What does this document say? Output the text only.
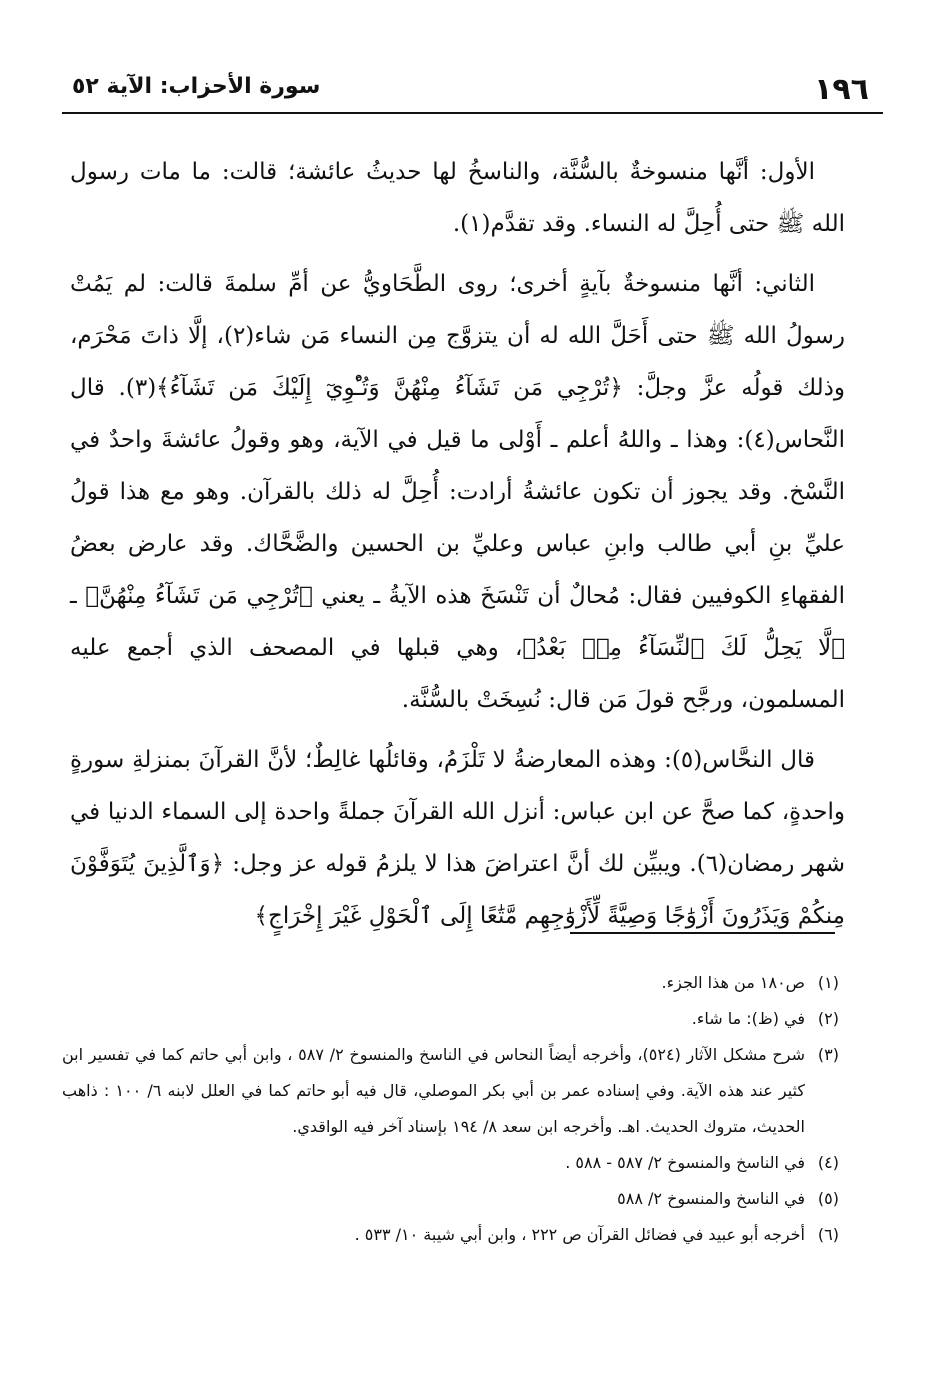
١٩٦
سورة الأحزاب: الآية ٥٢

الأول: أنَّها منسوخةٌ بالسُّنَّة، والناسخُ لها حديثُ عائشة؛ قالت: ما مات رسول الله ﷺ حتى أُحِلَّ له النساء. وقد تقدَّم(١).

الثاني: أنَّها منسوخةٌ بآيةٍ أخرى؛ روى الطَّحَاويُّ عن أمِّ سلمةَ قالت: لم يَمُتْ رسولُ الله ﷺ حتى أَحَلَّ الله له أن يتزوَّج مِن النساء مَن شاء(٢)، إلَّا ذاتَ مَحْرَم، وذلك قولُه عزَّ وجلَّ: ﴿تُرْجِي مَن تَشَآءُ مِنْهُنَّ وَتُـْٔوِيٓ إِلَيْكَ مَن تَشَآءُ﴾(٣). قال النَّحاس(٤): وهذا ـ واللهُ أعلم ـ أَوْلى ما قيل في الآية، وهو وقولُ عائشةَ واحدٌ في النَّسْخ. وقد يجوز أن تكون عائشةُ أرادت: أُحِلَّ له ذلك بالقرآن. وهو مع هذا قولُ عليِّ بنِ أبي طالب وابنِ عباس وعليِّ بن الحسين والضَّحَّاك. وقد عارض بعضُ الفقهاءِ الكوفيين فقال: مُحالٌ أن تَنْسَخَ هذه الآيةُ ـ يعني ﴿تُرْجِي مَن تَشَآءُ مِنْهُنَّ﴾ ـ ﴿لَّا يَحِلُّ لَكَ ٱلنِّسَآءُ مِنۢ بَعْدُ﴾، وهي قبلها في المصحف الذي أجمع عليه المسلمون، ورجَّح قولَ مَن قال: نُسِخَتْ بالسُّنَّة.

قال النحَّاس(٥): وهذه المعارضةُ لا تَلْزَمُ، وقائلُها غالِطٌ؛ لأنَّ القرآنَ بمنزلةِ سورةٍ واحدةٍ، كما صحَّ عن ابن عباس: أنزل الله القرآنَ جملةً واحدة إلى السماء الدنيا في شهر رمضان(٦). ويبيِّن لك أنَّ اعتراضَ هذا لا يلزمُ قوله عز وجل: ﴿وَٱلَّذِينَ يُتَوَفَّوْنَ مِنكُمْ وَيَذَرُونَ أَزْوَٰجًا وَصِيَّةً لِّأَزْوَٰجِهِم مَّتَٰعًا إِلَى ٱلْحَوْلِ غَيْرَ إِخْرَاجٍ﴾

(١)
ص١٨٠ من هذا الجزء.
(٢)
في (ظ): ما شاء.
(٣)
شرح مشكل الآثار (٥٢٤)، وأخرجه أيضاً النحاس في الناسخ والمنسوخ ٢/ ٥٨٧ ، وابن أبي حاتم كما في تفسير ابن كثير عند هذه الآية. وفي إسناده عمر بن أبي بكر الموصلي، قال فيه أبو حاتم كما في العلل لابنه ٦/ ١٠٠ : ذاهب الحديث، متروك الحديث. اهـ. وأخرجه ابن سعد ٨/ ١٩٤ بإسناد آخر فيه الواقدي.
(٤)
في الناسخ والمنسوخ ٢/ ٥٨٧ - ٥٨٨ .
(٥)
في الناسخ والمنسوخ ٢/ ٥٨٨
(٦)
أخرجه أبو عبيد في فضائل القرآن ص ٢٢٢ ، وابن أبي شيبة ١٠/ ٥٣٣ .
